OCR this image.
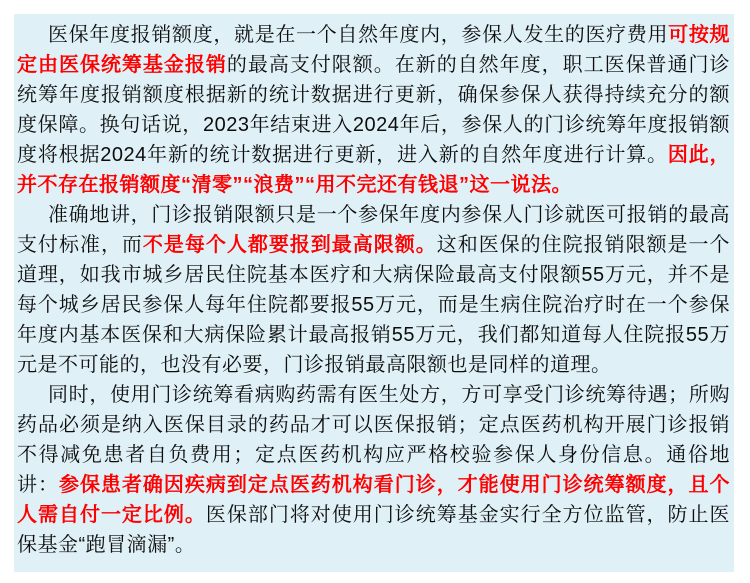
医保年度报销额度，就是在一个自然年度内，参保人发生的医疗费用可按规定由医保统筹基金报销的最高支付限额。在新的自然年度，职工医保普通门诊统筹年度报销额度根据新的统计数据进行更新，确保参保人获得持续充分的额度保障。换句话说，2023年结束进入2024年后，参保人的门诊统筹年度报销额度将根据2024年新的统计数据进行更新，进入新的自然年度进行计算。因此，并不存在报销额度“清零”“浪费”“用不完还有钱退”这一说法。

准确地讲，门诊报销限额只是一个参保年度内参保人门诊就医可报销的最高支付标准，而不是每个人都要报到最高限额。这和医保的住院报销限额是一个道理，如我市城乡居民住院基本医疗和大病保险最高支付限额55万元，并不是每个城乡居民参保人每年住院都要报55万元，而是生病住院治疗时在一个参保年度内基本医保和大病保险累计最高报销55万元，我们都知道每人住院报55万元是不可能的，也没有必要，门诊报销最高限额也是同样的道理。

同时，使用门诊统筹看病购药需有医生处方，方可享受门诊统筹待遇；所购药品必须是纳入医保目录的药品才可以医保报销；定点医药机构开展门诊报销不得减免患者自负费用；定点医药机构应严格校验参保人身份信息。通俗地讲：参保患者确因疾病到定点医药机构看门诊，才能使用门诊统筹额度，且个人需自付一定比例。医保部门将对使用门诊统筹基金实行全方位监管，防止医保基金“跑冒滴漏”。
